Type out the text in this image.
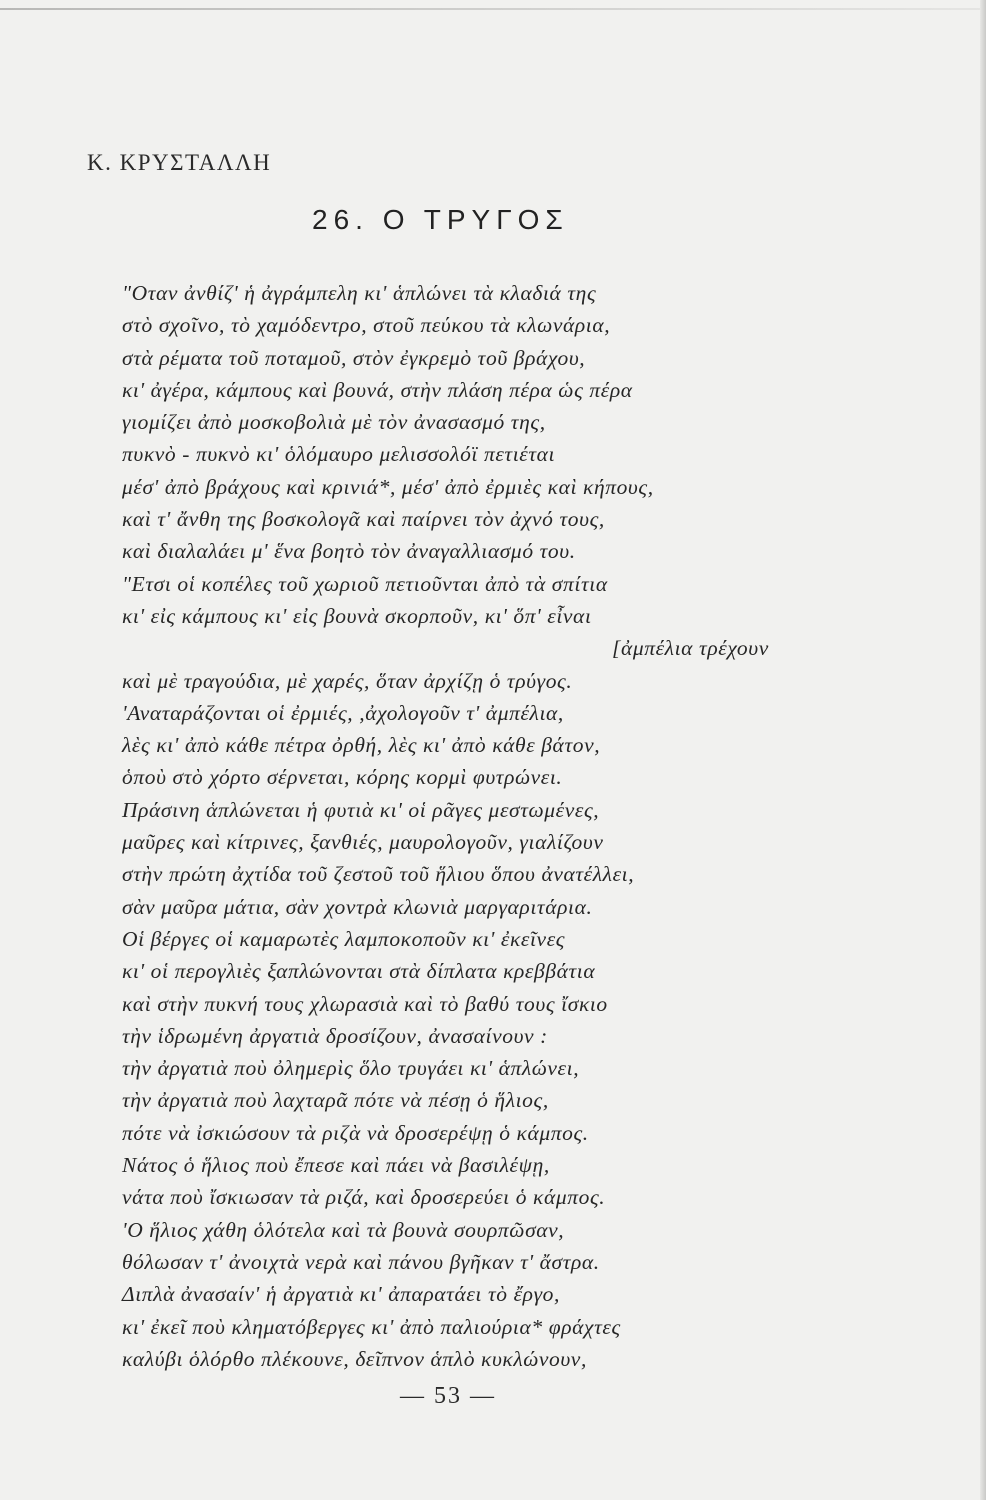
Κ. ΚΡΥΣΤΑΛΛΗ
26. Ο ΤΡΥΓΟΣ
"Οταν ἀνθίζ' ἡ ἀγράμπελη κι' ἁπλώνει τὰ κλαδιά της
στὸ σχοῖνο, τὸ χαμόδεντρο, στοῦ πεύκου τὰ κλωνάρια,
στὰ ρέματα τοῦ ποταμοῦ, στὸν ἐγκρεμὸ τοῦ βράχου,
κι' ἀγέρα, κάμπους καὶ βουνά, στὴν πλάση πέρα ὡς πέρα
γιομίζει ἀπὸ μοσκοβολιὰ μὲ τὸν ἀνασασμό της,
πυκνὸ - πυκνὸ κι' ὁλόμαυρο μελισσολόϊ πετιέται
μέσ' ἀπὸ βράχους καὶ κρινιά*, μέσ' ἀπὸ ἐρμιὲς καὶ κήπους,
καὶ τ' ἄνθη της βοσκολογᾶ καὶ παίρνει τὸν ἀχνό τους,
καὶ διαλαλάει μ' ἕνα βοητὸ τὸν ἀναγαλλιασμό του.
"Ετσι οἱ κοπέλες τοῦ χωριοῦ πετιοῦνται ἀπὸ τὰ σπίτια
κι' εἰς κάμπους κι' εἰς βουνὰ σκορποῦν, κι' ὅπ' εἶναι
[ἀμπέλια τρέχουν
καὶ μὲ τραγούδια, μὲ χαρές, ὅταν ἀρχίζῃ ὁ τρύγος.
'Αναταράζονται οἱ ἐρμιές, ,ἀχολογοῦν τ' ἀμπέλια,
λὲς κι' ἀπὸ κάθε πέτρα ὀρθή, λὲς κι' ἀπὸ κάθε βάτον,
ὁποὺ στὸ χόρτο σέρνεται, κόρης κορμὶ φυτρώνει.
Πράσινη ἁπλώνεται ἡ φυτιὰ κι' οἱ ρᾶγες μεστωμένες,
μαῦρες καὶ κίτρινες, ξανθιές, μαυρολογοῦν, γιαλίζουν
στὴν πρώτη ἀχτίδα τοῦ ζεστοῦ τοῦ ἥλιου ὅπου ἀνατέλλει,
σὰν μαῦρα μάτια, σὰν χοντρὰ κλωνιὰ μαργαριτάρια.
Οἱ βέργες οἱ καμαρωτὲς λαμποκοποῦν κι' ἐκεῖνες
κι' οἱ περογλιὲς ξαπλώνονται στὰ δίπλατα κρεββάτια
καὶ στὴν πυκνή τους χλωρασιὰ καὶ τὸ βαθύ τους ἴσκιο
τὴν ἱδρωμένη ἀργατιὰ δροσίζουν, ἀνασαίνουν :
τὴν ἀργατιὰ ποὺ ὀλημερὶς ὅλο τρυγάει κι' ἁπλώνει,
τὴν ἀργατιὰ ποὺ λαχταρᾶ πότε νὰ πέσῃ ὁ ἥλιος,
πότε νὰ ἰσκιώσουν τὰ ριζὰ νὰ δροσερέψῃ ὁ κάμπος.
Νάτος ὁ ἥλιος ποὺ ἔπεσε καὶ πάει νὰ βασιλέψῃ,
νάτα ποὺ ἴσκιωσαν τὰ ριζά, καὶ δροσερεύει ὁ κάμπος.
'Ο ἥλιος χάθη ὁλότελα καὶ τὰ βουνὰ σουρπῶσαν,
θόλωσαν τ' ἀνοιχτὰ νερὰ καὶ πάνου βγῆκαν τ' ἄστρα.
Διπλὰ ἀνασαίν' ἡ ἀργατιὰ κι' ἀπαρατάει τὸ ἔργο,
κι' ἐκεῖ ποὺ κληματόβεργες κι' ἀπὸ παλιούρια* φράχτες
καλύβι ὁλόρθο πλέκουνε, δεῖπνον ἁπλὸ κυκλώνουν,
— 53 —
